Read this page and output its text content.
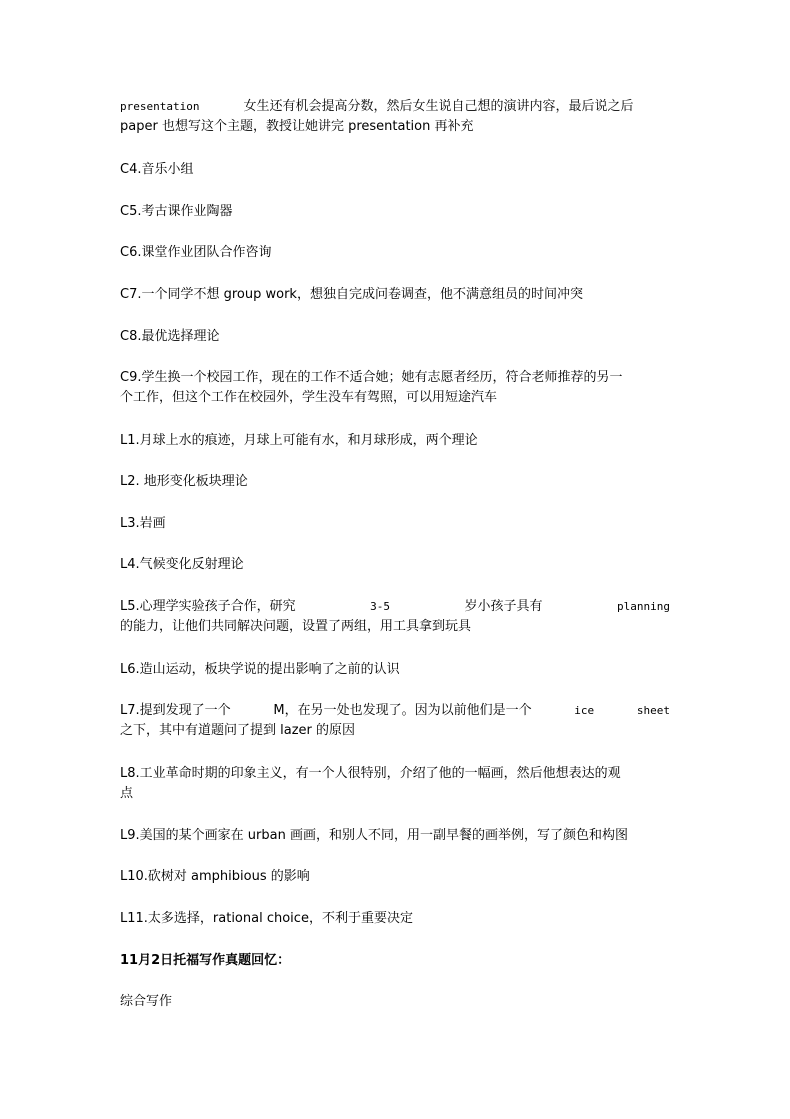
presentation	女生还有机会提高分数，然后女生说自己想的演讲内容，最后说之后
paper 也想写这个主题，教授让她讲完 presentation 再补充
C4.音乐小组
C5.考古课作业陶器
C6.课堂作业团队合作咨询
C7.一个同学不想 group work，想独自完成问卷调查，他不满意组员的时间冲突
C8.最优选择理论
C9.学生换一个校园工作，现在的工作不适合她；她有志愿者经历，符合老师推荐的另一
个工作，但这个工作在校园外，学生没车有驾照，可以用短途汽车
L1.月球上水的痕迹，月球上可能有水，和月球形成，两个理论
L2. 地形变化板块理论
L3.岩画
L4.气候变化反射理论
L5.心理学实验孩子合作，研究	3-5	岁小孩子具有	planning
的能力，让他们共同解决问题，设置了两组，用工具拿到玩具
L6.造山运动，板块学说的提出影响了之前的认识
L7.提到发现了一个	M，在另一处也发现了。因为以前他们是一个	ice	sheet
之下，其中有道题问了提到 lazer 的原因
L8.工业革命时期的印象主义，有一个人很特别，介绍了他的一幅画，然后他想表达的观
点
L9.美国的某个画家在 urban 画画，和别人不同，用一副早餐的画举例，写了颜色和构图
L10.砍树对 amphibious 的影响
L11.太多选择，rational choice，不利于重要决定
11月2日托福写作真题回忆：
综合写作
